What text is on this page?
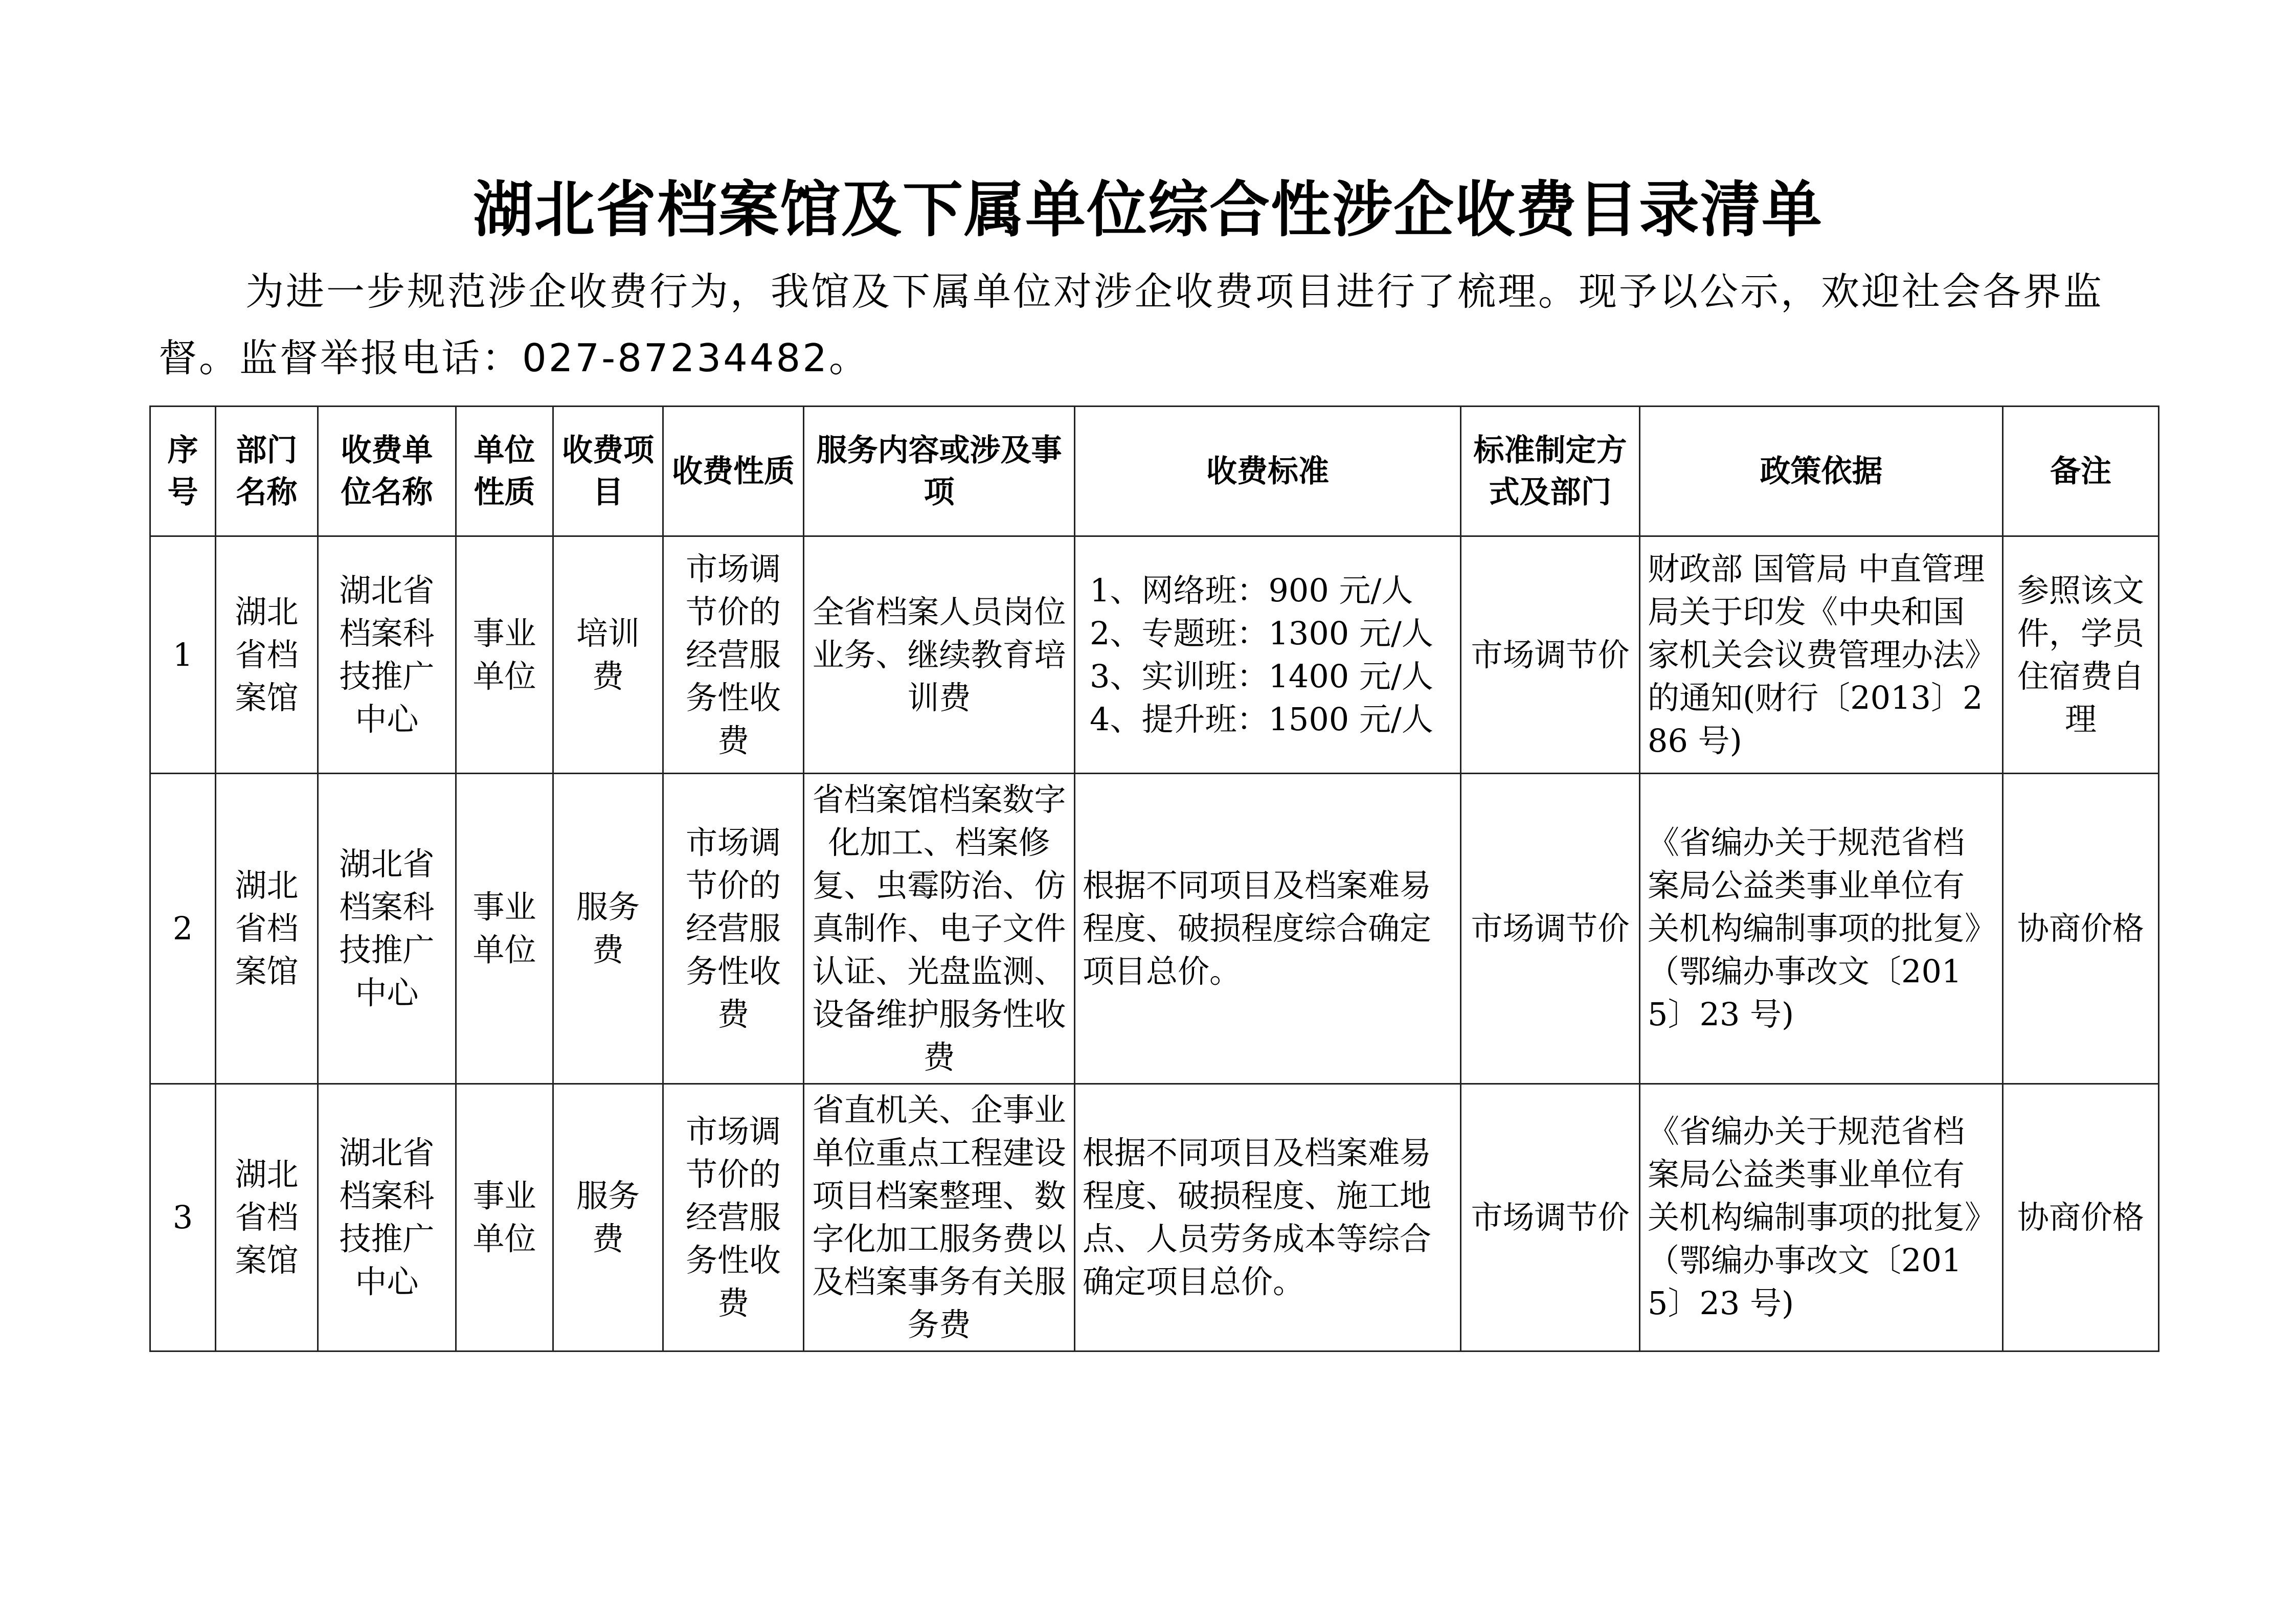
湖北省档案馆及下属单位综合性涉企收费目录清单

为进一步规范涉企收费行为，我馆及下属单位对涉企收费项目进行了梳理。现予以公示，欢迎社会各界监督。监督举报电话：027-87234482。

序号	部门名称	收费单位名称	单位性质	收费项目	收费性质	服务内容或涉及事项	收费标准	标准制定方式及部门	政策依据	备注
1	湖北省档案馆	湖北省档案科技推广中心	事业单位	培训费	市场调节价的经营服务性收费	全省档案人员岗位业务、继续教育培训费	1、网络班：900 元/人
2、专题班：1300 元/人
3、实训班：1400 元/人
4、提升班：1500 元/人	市场调节价	财政部 国管局 中直管理局关于印发《中央和国家机关会议费管理办法》的通知(财行〔2013〕286 号)	参照该文件，学员住宿费自理
2	湖北省档案馆	湖北省档案科技推广中心	事业单位	服务费	市场调节价的经营服务性收费	省档案馆档案数字化加工、档案修复、虫霉防治、仿真制作、电子文件认证、光盘监测、设备维护服务性收费	根据不同项目及档案难易程度、破损程度综合确定项目总价。	市场调节价	《省编办关于规范省档案局公益类事业单位有关机构编制事项的批复》（鄂编办事改文〔2015〕23 号)	协商价格
3	湖北省档案馆	湖北省档案科技推广中心	事业单位	服务费	市场调节价的经营服务性收费	省直机关、企事业单位重点工程建设项目档案整理、数字化加工服务费以及档案事务有关服务费	根据不同项目及档案难易程度、破损程度、施工地点、人员劳务成本等综合确定项目总价。	市场调节价	《省编办关于规范省档案局公益类事业单位有关机构编制事项的批复》（鄂编办事改文〔2015〕23 号)	协商价格
